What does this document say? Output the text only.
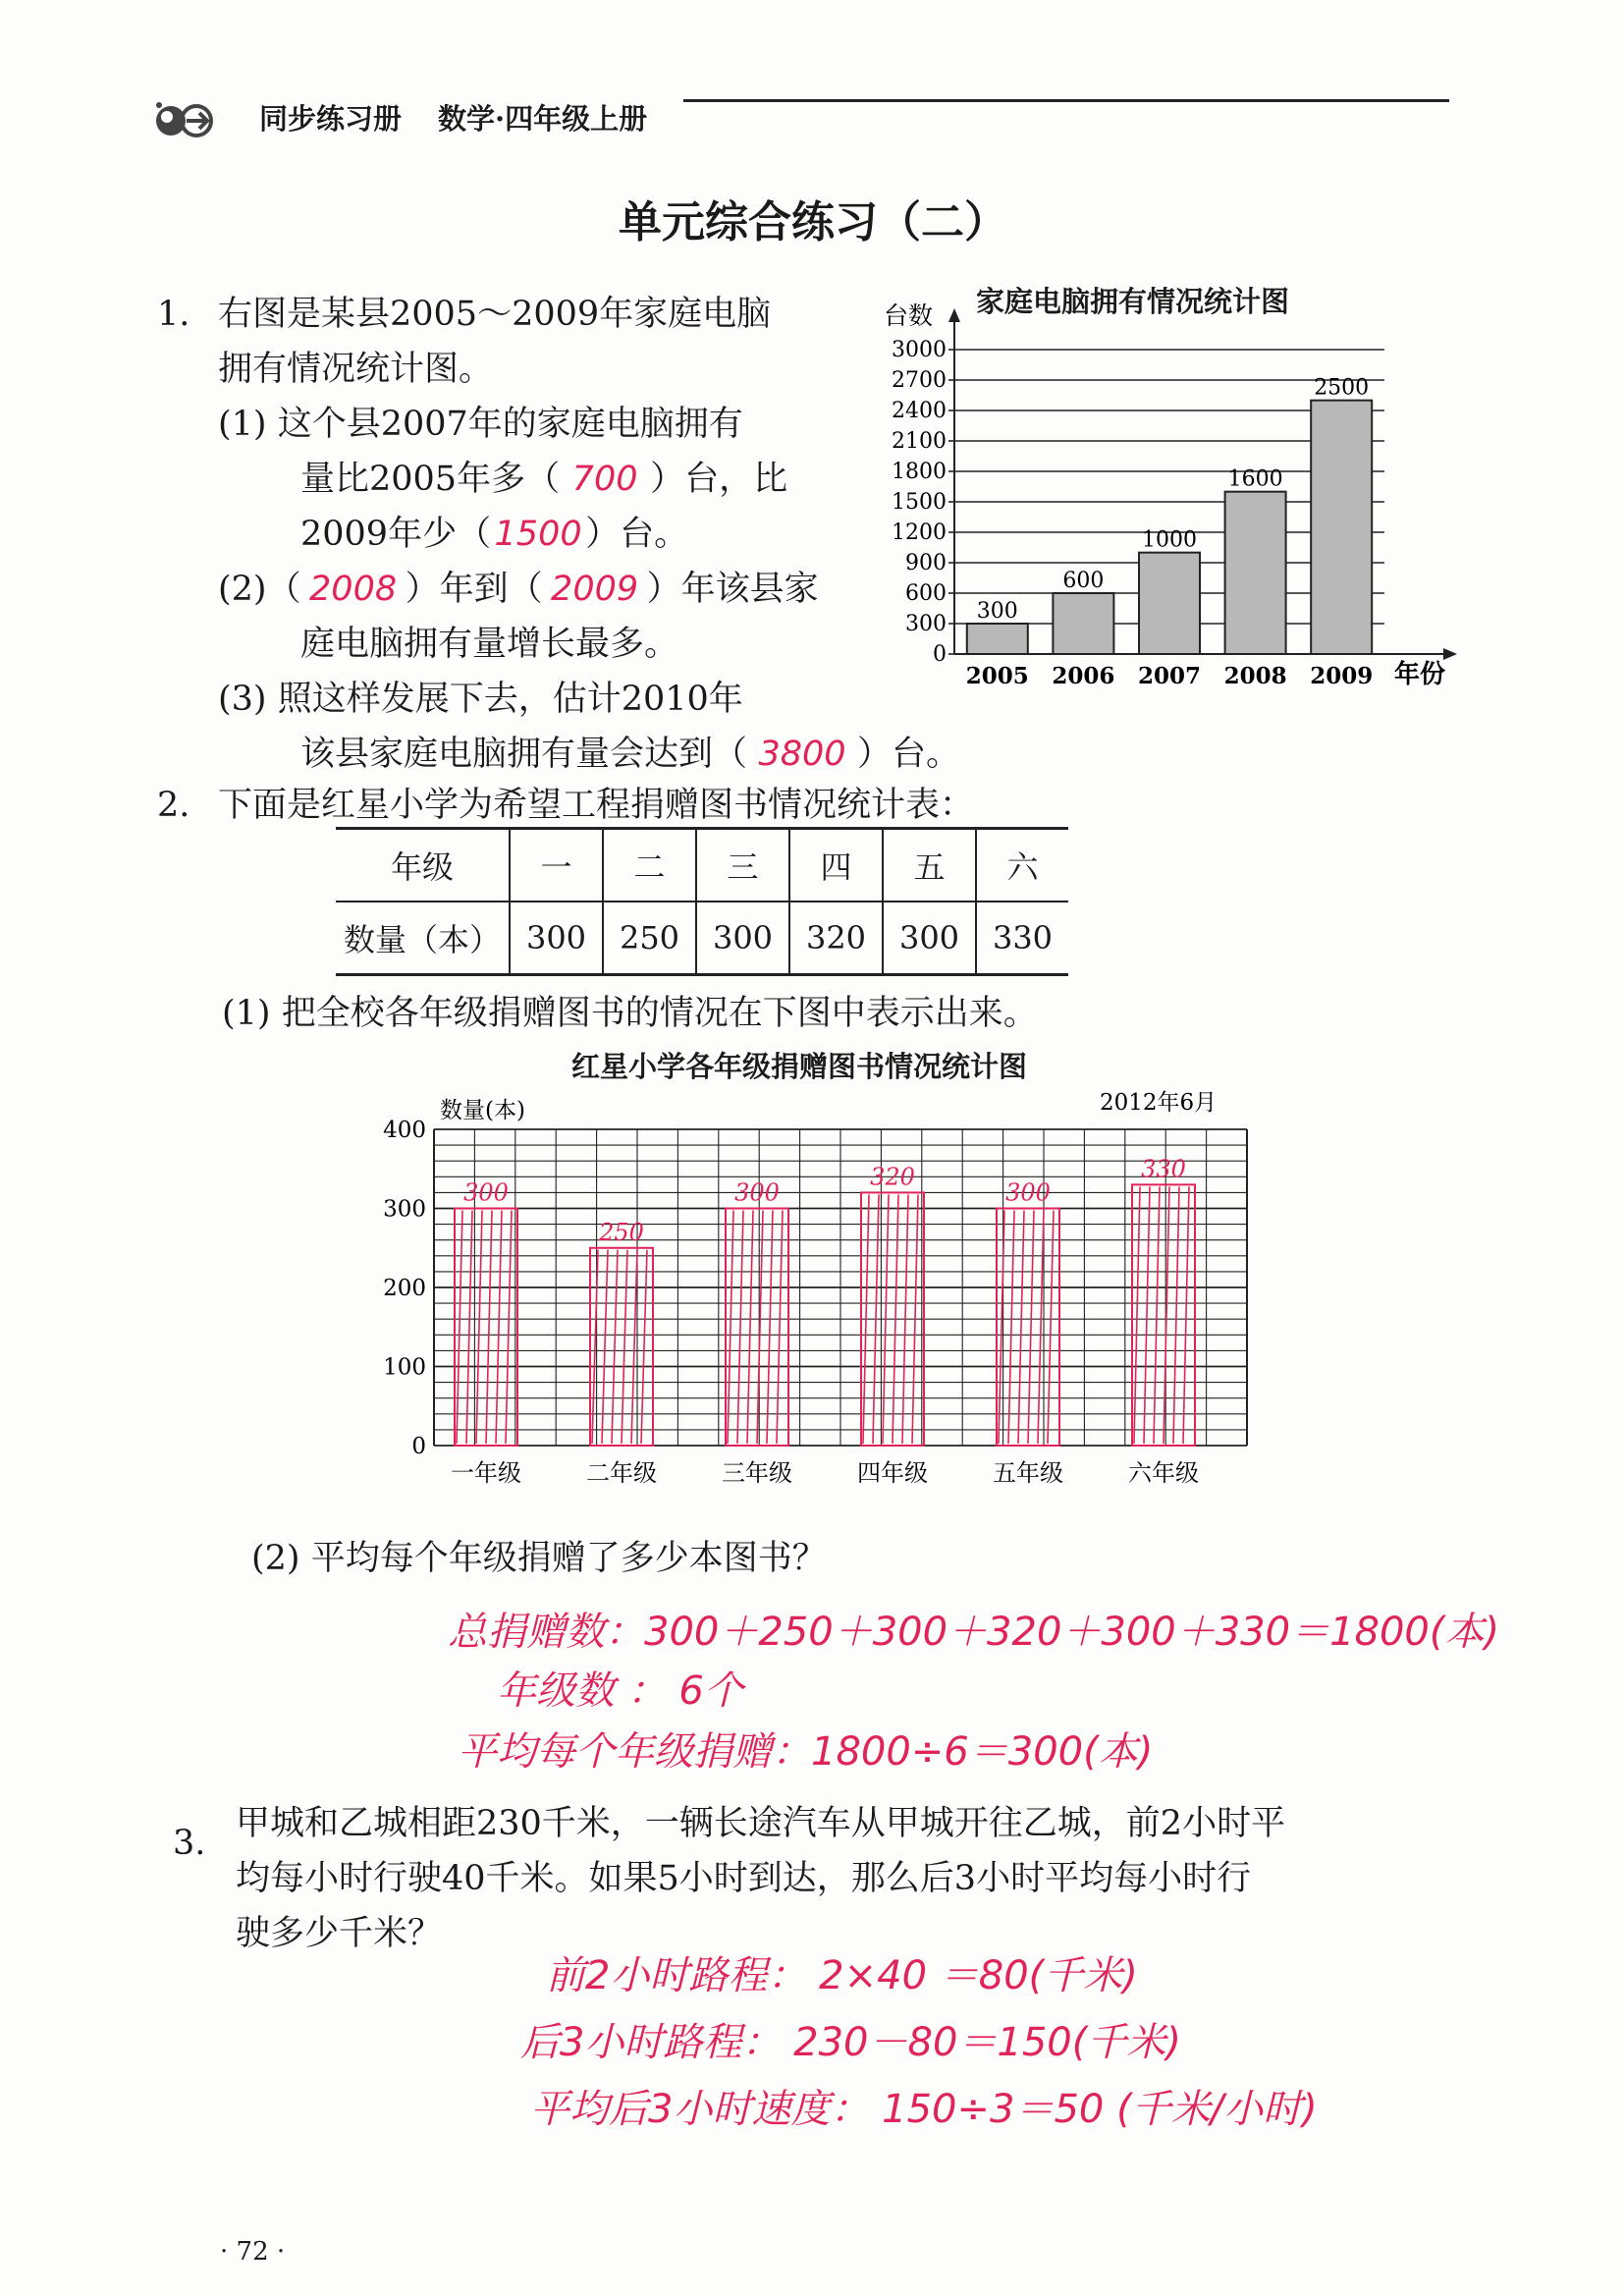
同步练习册 数学·四年级上册
单元综合练习（二）
1. 右图是某县2005～2009年家庭电脑
拥有情况统计图。
(1) 这个县2007年的家庭电脑拥有
量比2005年多（ 700 ）台，比
2009年少（1500）台。
(2)（ 2008 ）年到（ 2009 ）年该县家
庭电脑拥有量增长最多。
(3) 照这样发展下去，估计2010年
该县家庭电脑拥有量会达到（ 3800 ）台。
家庭电脑拥有情况统计图
台数
0
300
600
900
1200
1500
1800
2100
2400
2700
3000
年份
300
2005
600
2006
1000
2007
1600
2008
2500
2009
2. 下面是红星小学为希望工程捐赠图书情况统计表：
年级	一	二	三	四	五	六
数量（本）	300	250	300	320	300	330
(1) 把全校各年级捐赠图书的情况在下图中表示出来。
红星小学各年级捐赠图书情况统计图
数量(本)	2012年6月
0
100
200
300
400
300
一年级
250
二年级
300
三年级
320
四年级
300
五年级
330
六年级
(2) 平均每个年级捐赠了多少本图书？
总捐赠数：300＋250＋300＋320＋300＋330＝1800(本)
年级数 ： 6个
平均每个年级捐赠：1800÷6＝300(本)
3. 甲城和乙城相距230千米，一辆长途汽车从甲城开往乙城，前2小时平
均每小时行驶40千米。如果5小时到达，那么后3小时平均每小时行
驶多少千米？
前2小时路程： 2×40 ＝80(千米)
后3小时路程： 230－80＝150(千米)
平均后3小时速度： 150÷3＝50 (千米/小时)
· 72 ·
